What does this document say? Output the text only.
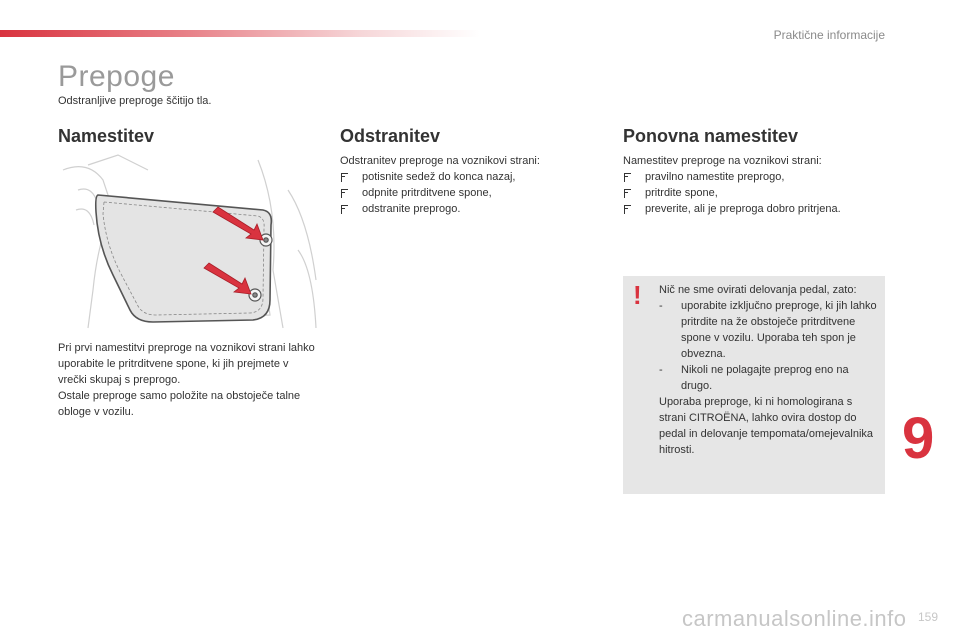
Praktične informacije
Prepoge
Odstranljive preproge ščitijo tla.
Namestitev

Pri prvi namestitvi preproge na voznikovi strani lahko uporabite le pritrditvene spone, ki jih prejmete v vrečki skupaj s preprogo.

Ostale preproge samo položite na obstoječe talne obloge v vozilu.

Odstranitev

Odstranitev preproge na voznikovi strani:

potisnite sedež do konca nazaj,
odpnite pritrditvene spone,
odstranite preprogo.
Ponovna namestitev

Namestitev preproge na voznikovi strani:

pravilno namestite preprogo,
pritrdite spone,
preverite, ali je preproga dobro pritrjena.
! Nič ne sme ovirati delovanja pedal, zato:

- uporabite izključno preproge, ki jih lahko pritrdite na že obstoječe pritrditvene spone v vozilu. Uporaba teh spon je obvezna.
- Nikoli ne polagajte preprog eno na drugo.

Uporaba preproge, ki ni homologirana s strani CITROËNA, lahko ovira dostop do pedal in delovanje tempomata/omejevalnika hitrosti.	9
carmanualsonline.info 159
